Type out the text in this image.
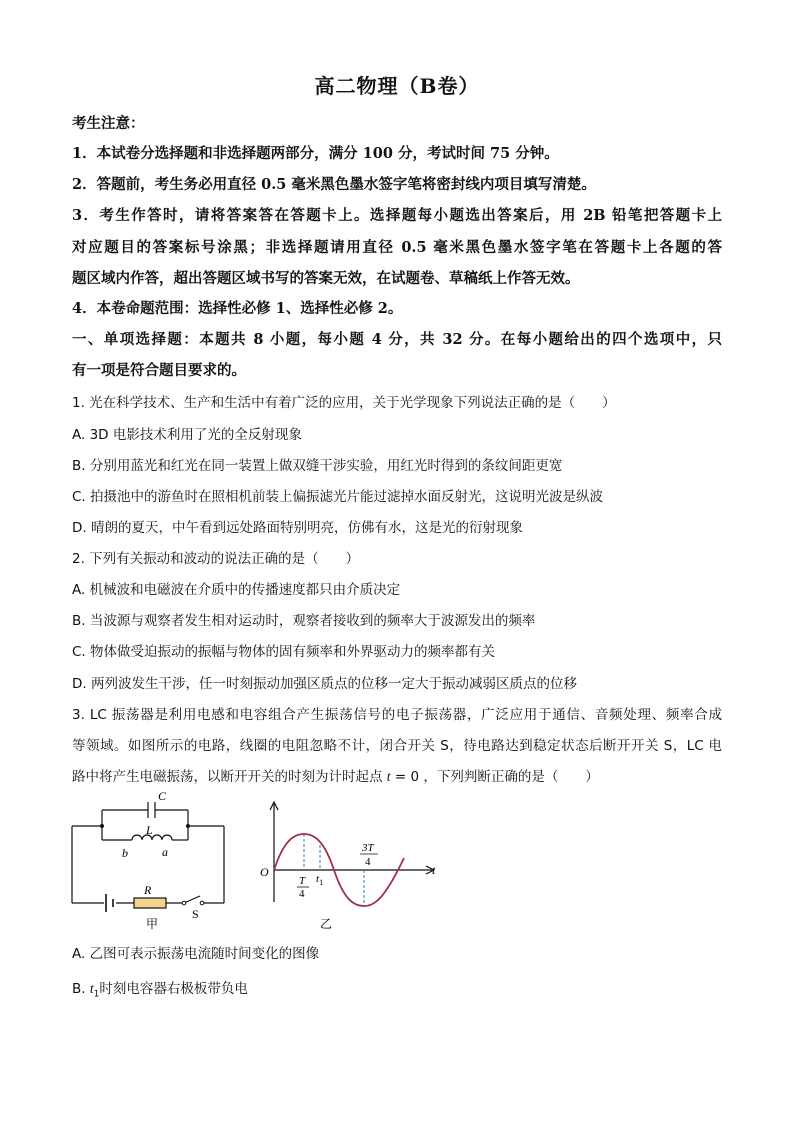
高二物理（B卷）
考生注意：
1．本试卷分选择题和非选择题两部分，满分 100 分，考试时间 75 分钟。
2．答题前，考生务必用直径 0.5 毫米黑色墨水签字笔将密封线内项目填写清楚。
3．考生作答时，请将答案答在答题卡上。选择题每小题选出答案后，用 2B 铅笔把答题卡上
对应题目的答案标号涂黑；非选择题请用直径 0.5 毫米黑色墨水签字笔在答题卡上各题的答
题区域内作答，超出答题区域书写的答案无效，在试题卷、草稿纸上作答无效。
4．本卷命题范围：选择性必修 1、选择性必修 2。
一、单项选择题：本题共 8 小题，每小题 4 分，共 32 分。在每小题给出的四个选项中，只
有一项是符合题目要求的。
1. 光在科学技术、生产和生活中有着广泛的应用，关于光学现象下列说法正确的是（　　）
A. 3D 电影技术利用了光的全反射现象
B. 分别用蓝光和红光在同一装置上做双缝干涉实验，用红光时得到的条纹间距更宽
C. 拍摄池中的游鱼时在照相机前装上偏振滤光片能过滤掉水面反射光，这说明光波是纵波
D. 晴朗的夏天，中午看到远处路面特别明亮，仿佛有水，这是光的衍射现象
2. 下列有关振动和波动的说法正确的是（　　）
A. 机械波和电磁波在介质中的传播速度都只由介质决定
B. 当波源与观察者发生相对运动时，观察者接收到的频率大于波源发出的频率
C. 物体做受迫振动的振幅与物体的固有频率和外界驱动力的频率都有关
D. 两列波发生干涉，任一时刻振动加强区质点的位移一定大于振动减弱区质点的位移
3. LC 振荡器是利用电感和电容组合产生振荡信号的电子振荡器，广泛应用于通信、音频处理、频率合成
等领域。如图所示的电路，线圈的电阻忽略不计，闭合开关 S，待电路达到稳定状态后断开开关 S，LC 电
路中将产生电磁振荡，以断开开关的时刻为计时起点 t = 0 ，下列判断正确的是（　　）
C
L
b	a
R
S
甲
O	t
T
4
$t_1$
3T
4
乙
A. 乙图可表示振荡电流随时间变化的图像
B. $t_1$时刻电容器右极板带负电
